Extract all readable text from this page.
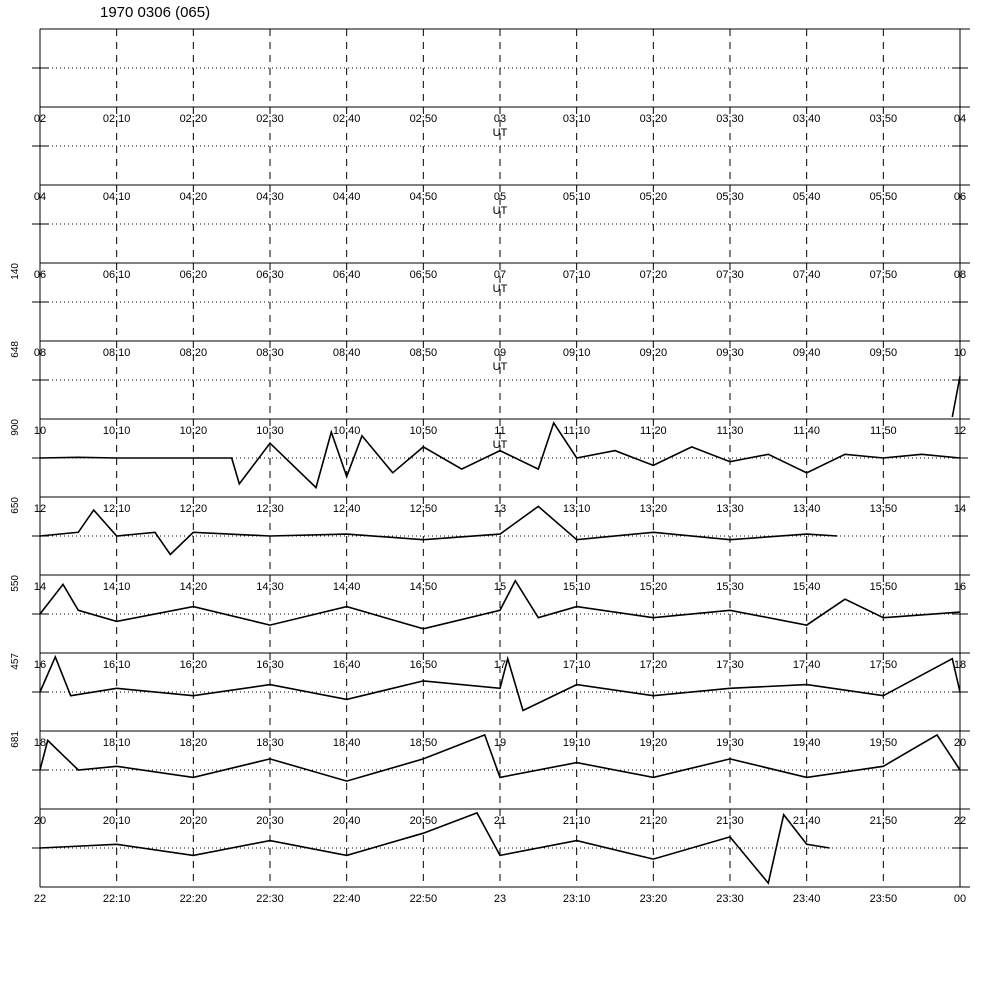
1970 0306 (065)
140
648
900
650
550
457
681
02	02:10	02:20	02:30	02:40	02:50	03	03:10	03:20	03:30	03:40	03:50	04
UT
04	04:10	04:20	04:30	04:40	04:50	05	05:10	05:20	05:30	05:40	05:50	06
UT
06	06:10	06:20	06:30	06:40	06:50	07	07:10	07:20	07:30	07:40	07:50	08
UT
08	08:10	08:20	08:30	08:40	08:50	09	09:10	09:20	09:30	09:40	09:50	10
UT
10	10:10	10:20	10:30	10:40	10:50	11	11:10	11:20	11:30	11:40	11:50	12
UT
12	12:10	12:20	12:30	12:40	12:50	13	13:10	13:20	13:30	13:40	13:50	14
14	14:10	14:20	14:30	14:40	14:50	15	15:10	15:20	15:30	15:40	15:50	16
16	16:10	16:20	16:30	16:40	16:50	17	17:10	17:20	17:30	17:40	17:50	18
18	18:10	18:20	18:30	18:40	18:50	19	19:10	19:20	19:30	19:40	19:50	20
20	20:10	20:20	20:30	20:40	20:50	21	21:10	21:20	21:30	21:40	21:50	22
22	22:10	22:20	22:30	22:40	22:50	23	23:10	23:20	23:30	23:40	23:50	00
